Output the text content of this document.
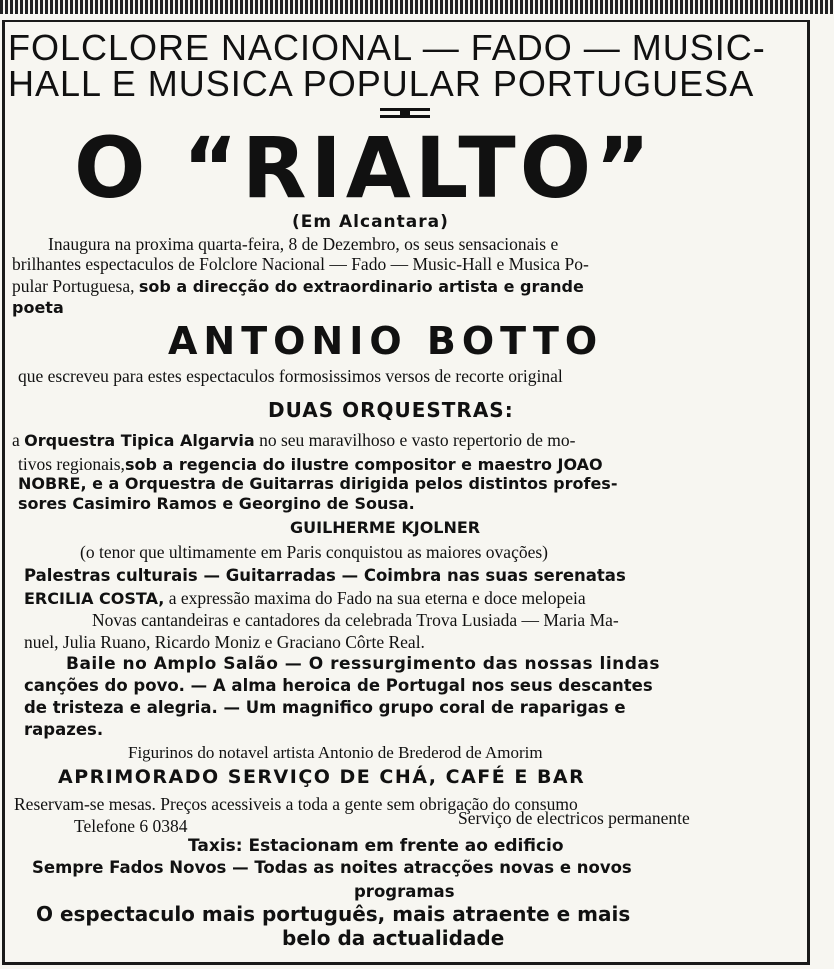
FOLCLORE NACIONAL — FADO — MUSIC-
HALL E MUSICA POPULAR PORTUGUESA
O “RIALTO”
(Em Alcantara)
Inaugura na proxima quarta-feira, 8 de Dezembro, os seus sensacionais e
brilhantes espectaculos de Folclore Nacional — Fado — Music-Hall e Musica Po-
pular Portuguesa, sob a direcção do extraordinario artista e grande
poeta
ANTONIO BOTTO
que escreveu para estes espectaculos formosissimos versos de recorte original
DUAS ORQUESTRAS:
a Orquestra Tipica Algarvia no seu maravilhoso e vasto repertorio de mo-
tivos regionais,sob a regencia do ilustre compositor e maestro JOAO
NOBRE, e a Orquestra de Guitarras dirigida pelos distintos profes-
sores Casimiro Ramos e Georgino de Sousa.
GUILHERME KJOLNER
(o tenor que ultimamente em Paris conquistou as maiores ovações)
Palestras culturais — Guitarradas — Coimbra nas suas serenatas
ERCILIA COSTA, a expressão maxima do Fado na sua eterna e doce melopeia
Novas cantandeiras e cantadores da celebrada Trova Lusiada — Maria Ma-
nuel, Julia Ruano, Ricardo Moniz e Graciano Côrte Real.
Baile no Amplo Salão — O ressurgimento das nossas lindas
canções do povo. — A alma heroica de Portugal nos seus descantes
de tristeza e alegria. — Um magnifico grupo coral de raparigas e
rapazes.
Figurinos do notavel artista Antonio de Brederod de Amorim
APRIMORADO SERVIÇO DE CHÁ, CAFÉ E BAR
Reservam-se mesas. Preços acessiveis a toda a gente sem obrigação do consumo
Telefone 6 0384	Serviço de electricos permanente
Taxis: Estacionam em frente ao edificio
Sempre Fados Novos — Todas as noites atracções novas e novos
programas
O espectaculo mais português, mais atraente e mais
belo da actualidade
